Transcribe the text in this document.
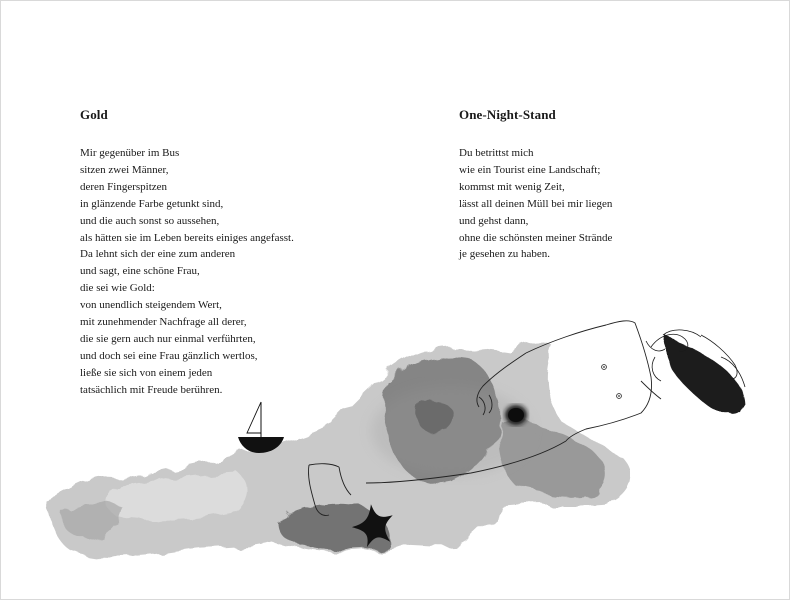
Gold
Mir gegenüber im Bus
sitzen zwei Männer,
deren Fingerspitzen
in glänzende Farbe getunkt sind,
und die auch sonst so aussehen,
als hätten sie im Leben bereits einiges angefasst.
Da lehnt sich der eine zum anderen
und sagt, eine schöne Frau,
die sei wie Gold:
von unendlich steigendem Wert,
mit zunehmender Nachfrage all derer,
die sie gern auch nur einmal verführten,
und doch sei eine Frau gänzlich wertlos,
ließe sie sich von einem jeden
tatsächlich mit Freude berühren.
One-Night-Stand
Du betrittst mich
wie ein Tourist eine Landschaft;
kommst mit wenig Zeit,
lässt all deinen Müll bei mir liegen
und gehst dann,
ohne die schönsten meiner Strände
je gesehen zu haben.
